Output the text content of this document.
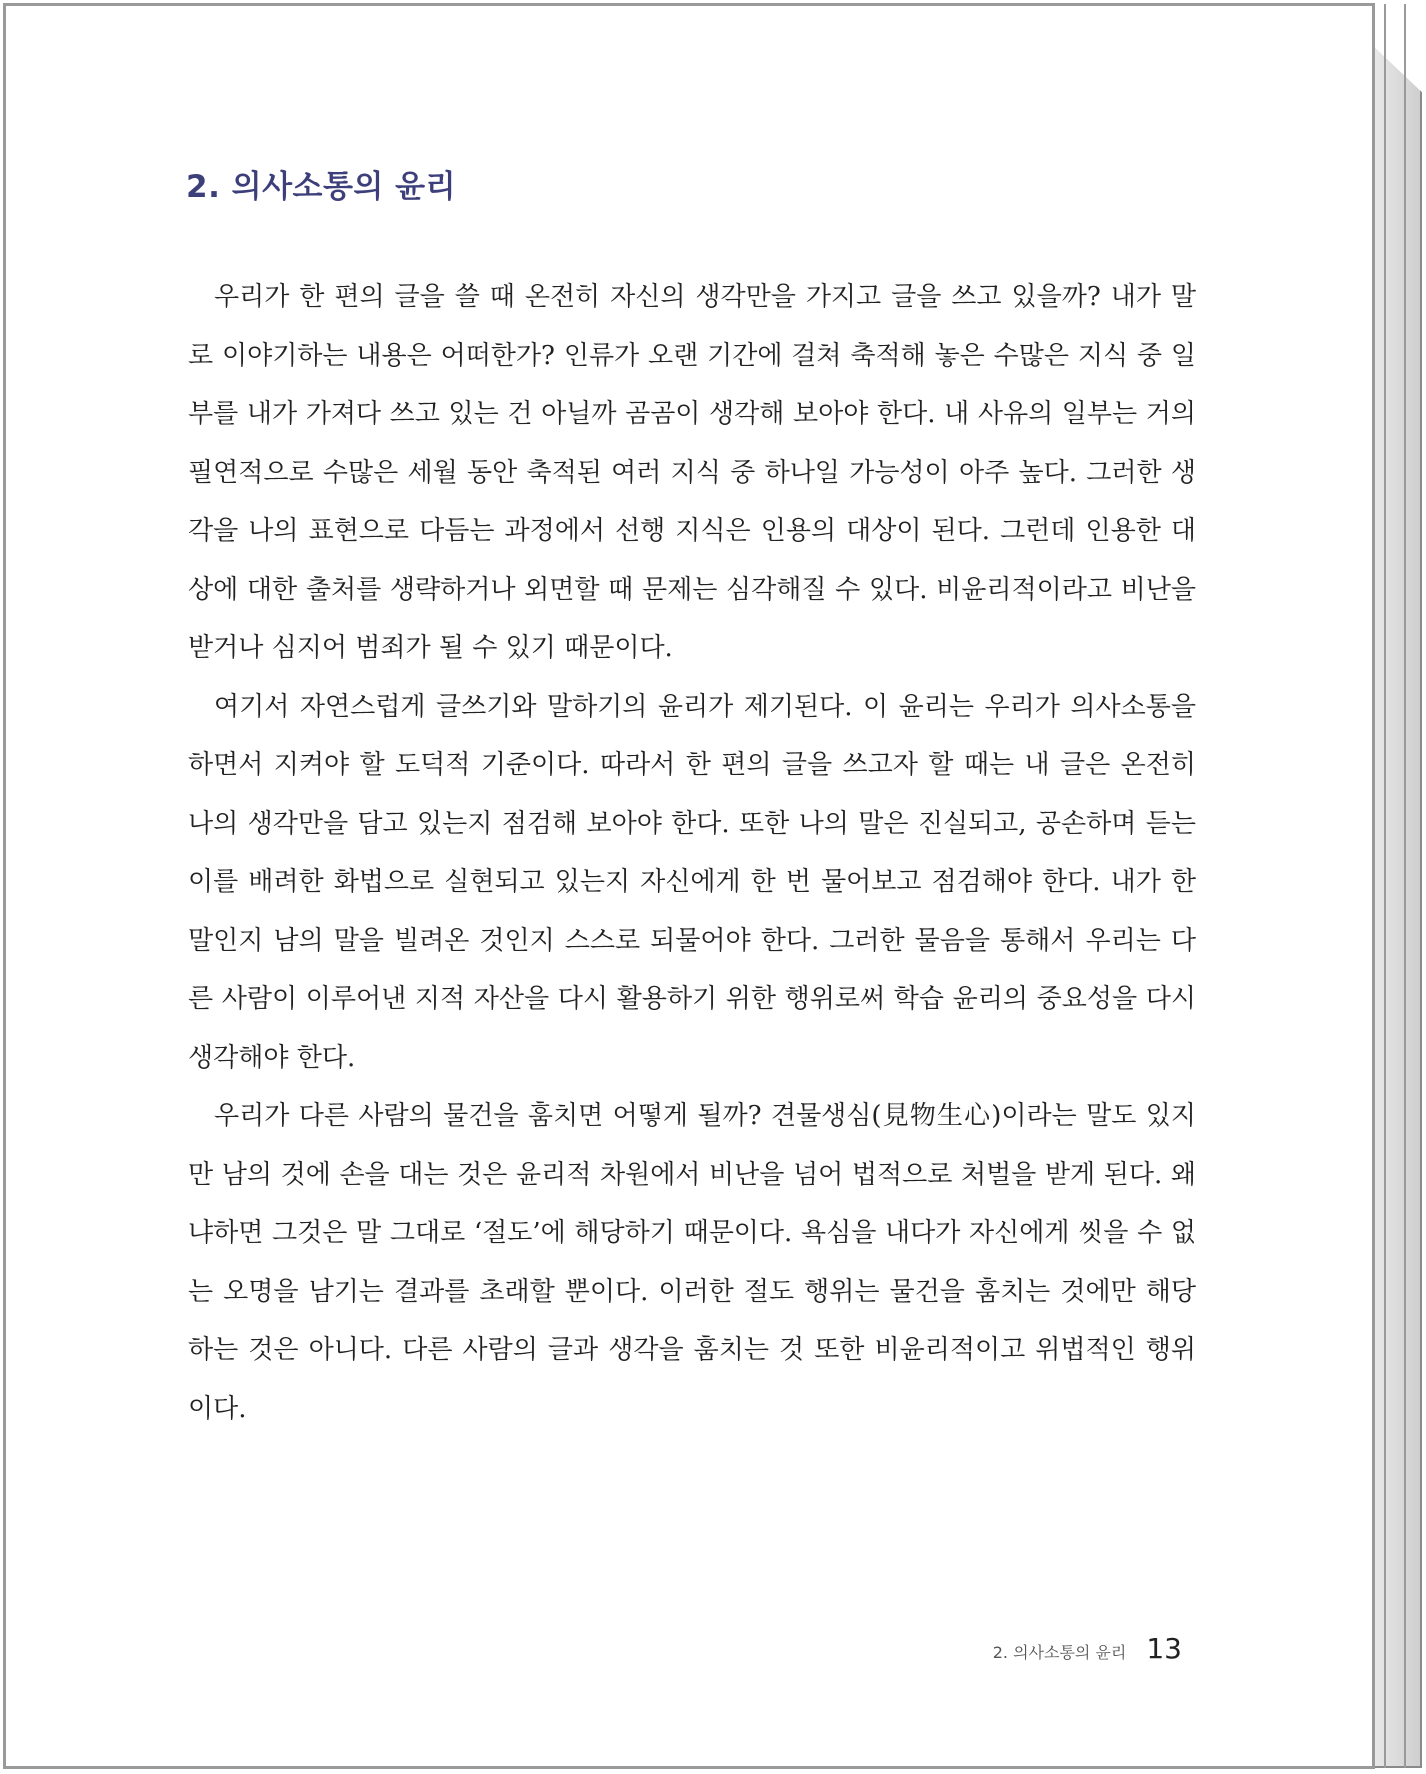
2. 의사소통의 윤리

우리가 한 편의 글을 쓸 때 온전히 자신의 생각만을 가지고 글을 쓰고 있을까? 내가 말로 이야기하는 내용은 어떠한가? 인류가 오랜 기간에 걸쳐 축적해 놓은 수많은 지식 중 일부를 내가 가져다 쓰고 있는 건 아닐까 곰곰이 생각해 보아야 한다. 내 사유의 일부는 거의 필연적으로 수많은 세월 동안 축적된 여러 지식 중 하나일 가능성이 아주 높다. 그러한 생각을 나의 표현으로 다듬는 과정에서 선행 지식은 인용의 대상이 된다. 그런데 인용한 대상에 대한 출처를 생략하거나 외면할 때 문제는 심각해질 수 있다. 비윤리적이라고 비난을 받거나 심지어 범죄가 될 수 있기 때문이다.

여기서 자연스럽게 글쓰기와 말하기의 윤리가 제기된다. 이 윤리는 우리가 의사소통을 하면서 지켜야 할 도덕적 기준이다. 따라서 한 편의 글을 쓰고자 할 때는 내 글은 온전히 나의 생각만을 담고 있는지 점검해 보아야 한다. 또한 나의 말은 진실되고, 공손하며 듣는 이를 배려한 화법으로 실현되고 있는지 자신에게 한 번 물어보고 점검해야 한다. 내가 한 말인지 남의 말을 빌려온 것인지 스스로 되물어야 한다. 그러한 물음을 통해서 우리는 다른 사람이 이루어낸 지적 자산을 다시 활용하기 위한 행위로써 학습 윤리의 중요성을 다시 생각해야 한다.

우리가 다른 사람의 물건을 훔치면 어떻게 될까? 견물생심(見物生心)이라는 말도 있지만 남의 것에 손을 대는 것은 윤리적 차원에서 비난을 넘어 법적으로 처벌을 받게 된다. 왜냐하면 그것은 말 그대로 ‘절도’에 해당하기 때문이다. 욕심을 내다가 자신에게 씻을 수 없는 오명을 남기는 결과를 초래할 뿐이다. 이러한 절도 행위는 물건을 훔치는 것에만 해당하는 것은 아니다. 다른 사람의 글과 생각을 훔치는 것 또한 비윤리적이고 위법적인 행위이다.

2. 의사소통의 윤리 13
